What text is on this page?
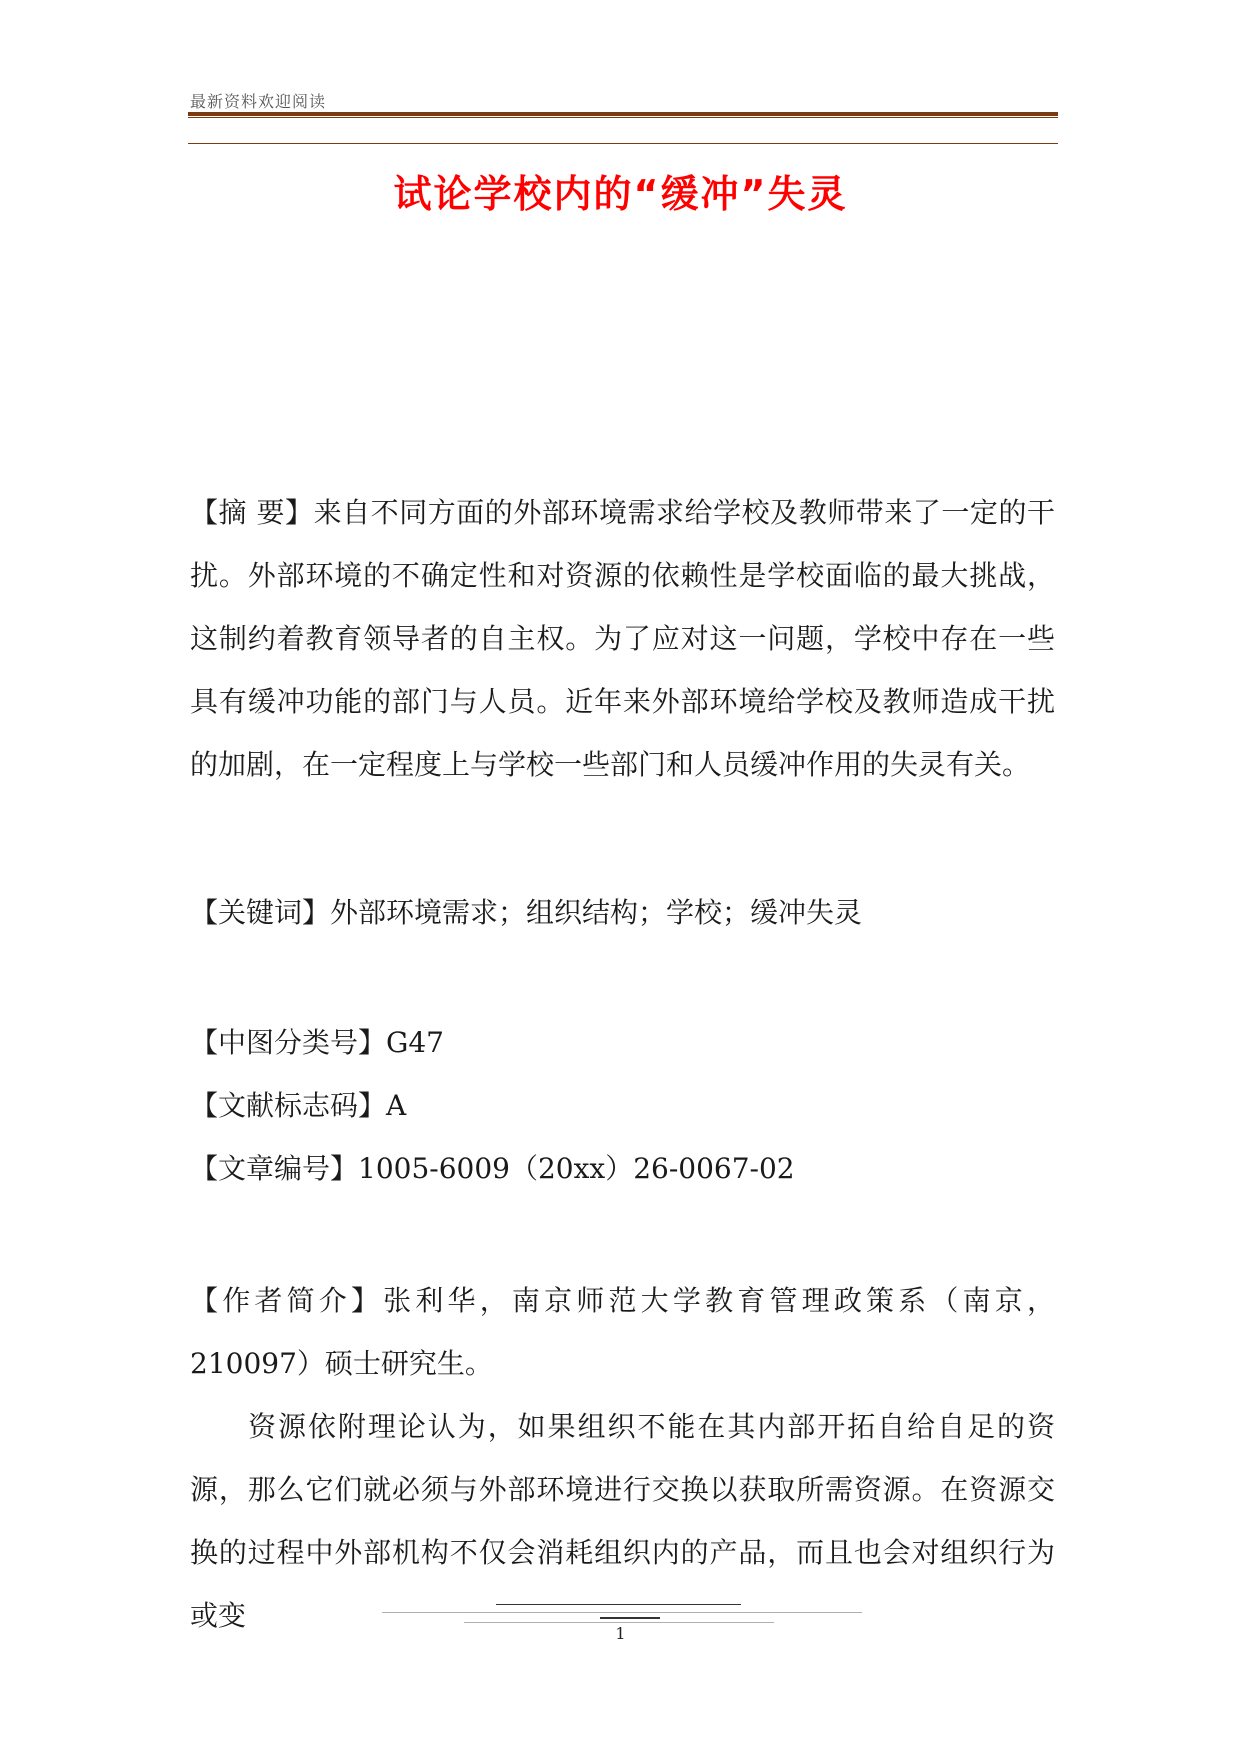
最新资料欢迎阅读
试论学校内的“缓冲”失灵

【摘 要】来自不同方面的外部环境需求给学校及教师带来了一定的干扰。外部环境的不确定性和对资源的依赖性是学校面临的最大挑战，这制约着教育领导者的自主权。为了应对这一问题，学校中存在一些具有缓冲功能的部门与人员。近年来外部环境给学校及教师造成干扰的加剧，在一定程度上与学校一些部门和人员缓冲作用的失灵有关。

【关键词】外部环境需求；组织结构；学校；缓冲失灵

【中图分类号】G47

【文献标志码】A

【文章编号】1005-6009（20xx）26-0067-02

【作者简介】张利华，南京师范大学教育管理政策系（南京，210097）硕士研究生。

资源依附理论认为，如果组织不能在其内部开拓自给自足的资源，那么它们就必须与外部环境进行交换以获取所需资源。在资源交换的过程中外部机构不仅会消耗组织内的产品，而且也会对组织行为或变

1
